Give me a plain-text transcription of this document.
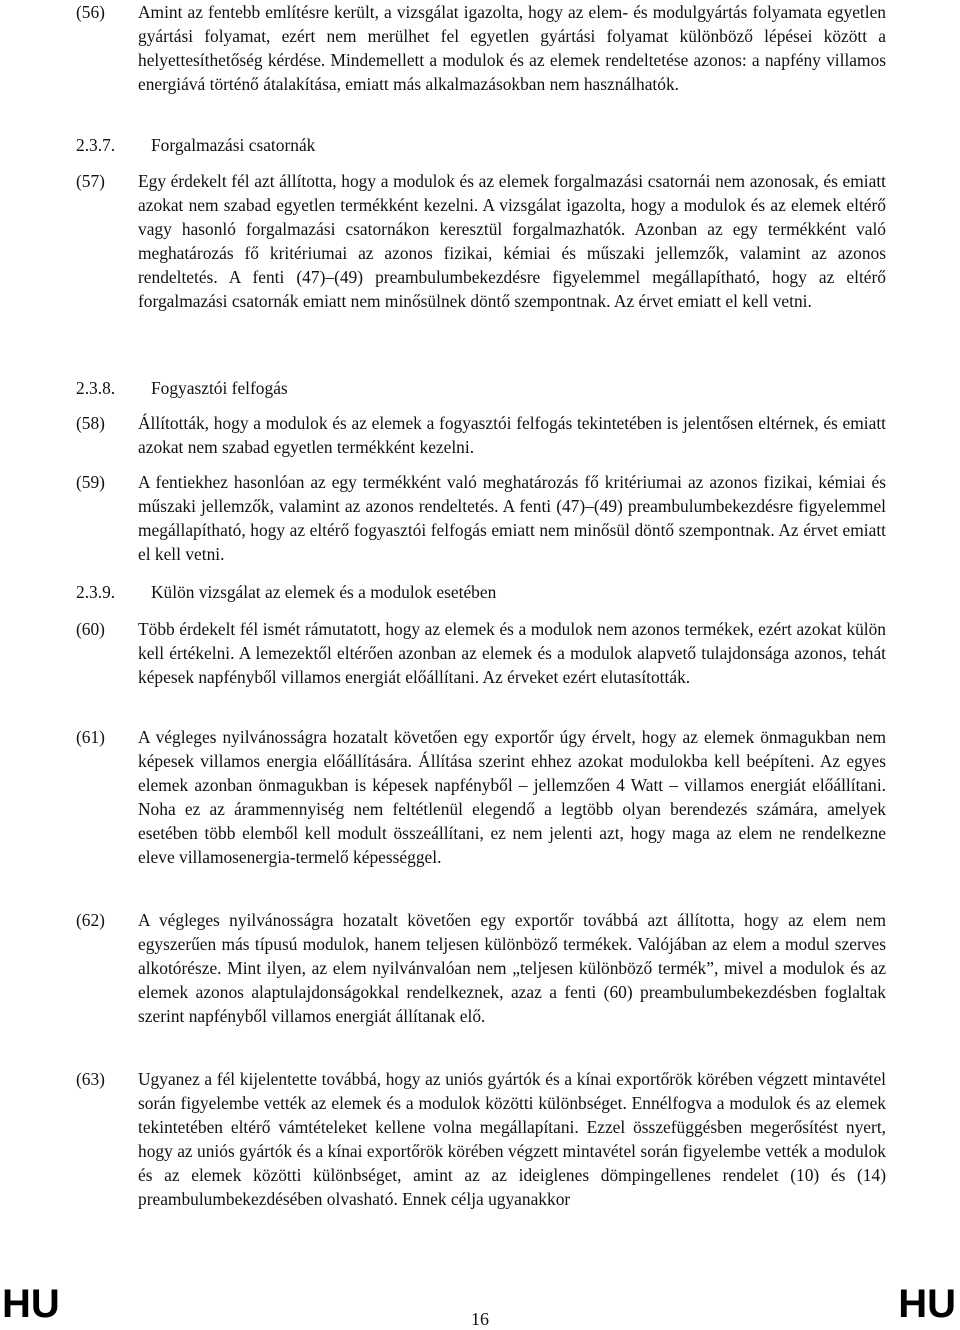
(56)	Amint az fentebb említésre került, a vizsgálat igazolta, hogy az elem- és modulgyártás folyamata egyetlen gyártási folyamat, ezért nem merülhet fel egyetlen gyártási folyamat különböző lépései között a helyettesíthetőség kérdése. Mindemellett a modulok és az elemek rendeltetése azonos: a napfény villamos energiává történő átalakítása, emiatt más alkalmazásokban nem használhatók.
2.3.7.	Forgalmazási csatornák
(57)	Egy érdekelt fél azt állította, hogy a modulok és az elemek forgalmazási csatornái nem azonosak, és emiatt azokat nem szabad egyetlen termékként kezelni. A vizsgálat igazolta, hogy a modulok és az elemek eltérő vagy hasonló forgalmazási csatornákon keresztül forgalmazhatók. Azonban az egy termékként való meghatározás fő kritériumai az azonos fizikai, kémiai és műszaki jellemzők, valamint az azonos rendeltetés. A fenti (47)–(49) preambulumbekezdésre figyelemmel megállapítható, hogy az eltérő forgalmazási csatornák emiatt nem minősülnek döntő szempontnak. Az érvet emiatt el kell vetni.
2.3.8.	Fogyasztói felfogás
(58)	Állították, hogy a modulok és az elemek a fogyasztói felfogás tekintetében is jelentősen eltérnek, és emiatt azokat nem szabad egyetlen termékként kezelni.
(59)	A fentiekhez hasonlóan az egy termékként való meghatározás fő kritériumai az azonos fizikai, kémiai és műszaki jellemzők, valamint az azonos rendeltetés. A fenti (47)–(49) preambulumbekezdésre figyelemmel megállapítható, hogy az eltérő fogyasztói felfogás emiatt nem minősül döntő szempontnak. Az érvet emiatt el kell vetni.
2.3.9.	Külön vizsgálat az elemek és a modulok esetében
(60)	Több érdekelt fél ismét rámutatott, hogy az elemek és a modulok nem azonos termékek, ezért azokat külön kell értékelni. A lemezektől eltérően azonban az elemek és a modulok alapvető tulajdonsága azonos, tehát képesek napfényből villamos energiát előállítani. Az érveket ezért elutasították.
(61)	A végleges nyilvánosságra hozatalt követően egy exportőr úgy érvelt, hogy az elemek önmagukban nem képesek villamos energia előállítására. Állítása szerint ehhez azokat modulokba kell beépíteni. Az egyes elemek azonban önmagukban is képesek napfényből – jellemzően 4 Watt – villamos energiát előállítani. Noha ez az árammennyiség nem feltétlenül elegendő a legtöbb olyan berendezés számára, amelyek esetében több elemből kell modult összeállítani, ez nem jelenti azt, hogy maga az elem ne rendelkezne eleve villamosenergia-termelő képességgel.
(62)	A végleges nyilvánosságra hozatalt követően egy exportőr továbbá azt állította, hogy az elem nem egyszerűen más típusú modulok, hanem teljesen különböző termékek. Valójában az elem a modul szerves alkotórésze. Mint ilyen, az elem nyilvánvalóan nem „teljesen különböző termék”, mivel a modulok és az elemek azonos alaptulajdonságokkal rendelkeznek, azaz a fenti (60) preambulumbekezdésben foglaltak szerint napfényből villamos energiát állítanak elő.
(63)	Ugyanez a fél kijelentette továbbá, hogy az uniós gyártók és a kínai exportőrök körében végzett mintavétel során figyelembe vették az elemek és a modulok közötti különbséget. Ennélfogva a modulok és az elemek tekintetében eltérő vámtételeket kellene volna megállapítani. Ezzel összefüggésben megerősítést nyert, hogy az uniós gyártók és a kínai exportőrök körében végzett mintavétel során figyelembe vették a modulok és az elemek közötti különbséget, amint az az ideiglenes dömpingellenes rendelet (10) és (14) preambulumbekezdésében olvasható. Ennek célja ugyanakkor
HU	16	HU
